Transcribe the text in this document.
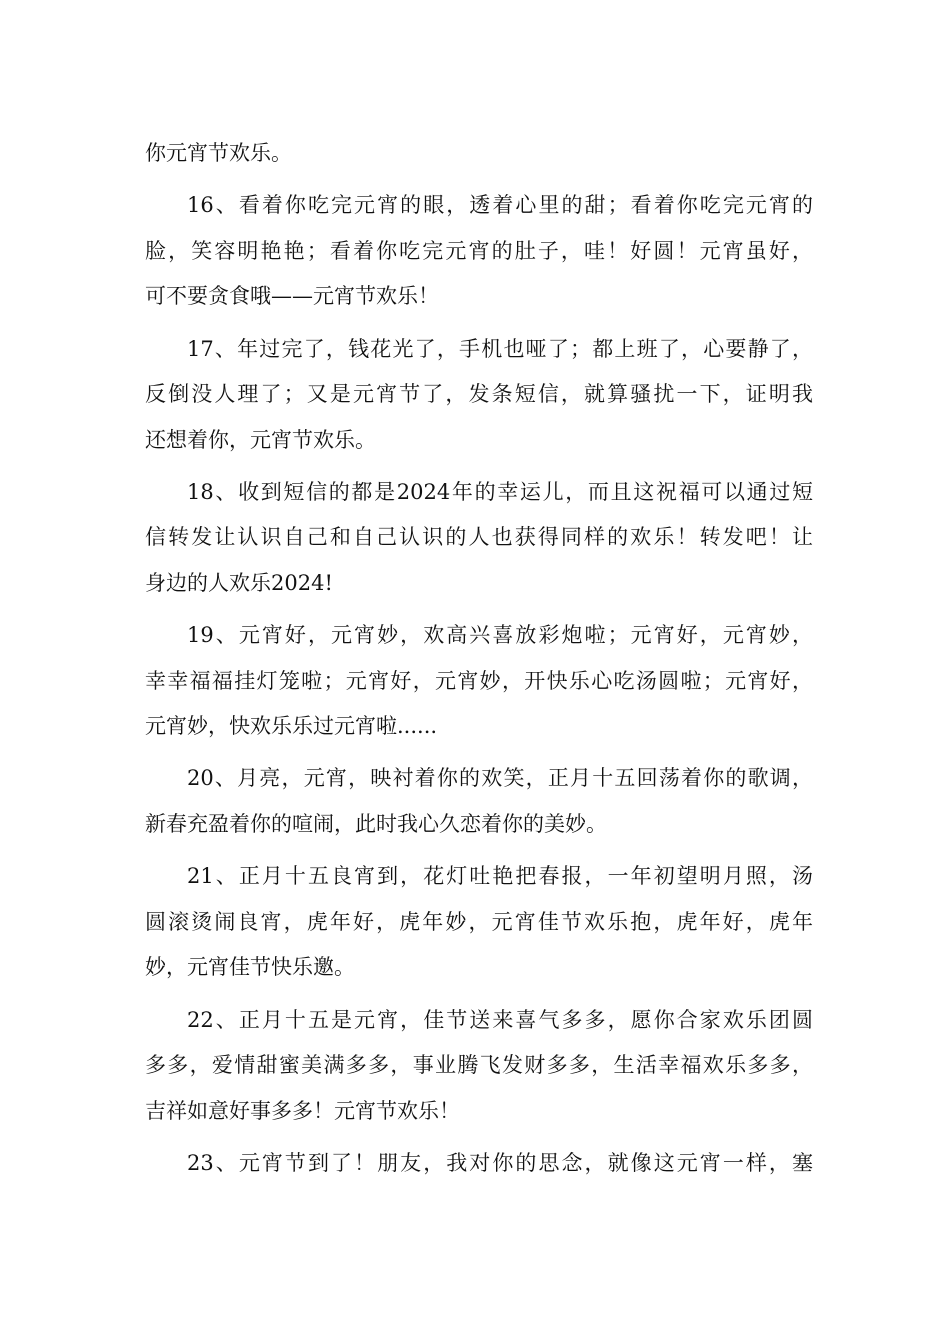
你元宵节欢乐。
16、看着你吃完元宵的眼，透着心里的甜；看着你吃完元宵的
脸，笑容明艳艳；看着你吃完元宵的肚子，哇！好圆！元宵虽好，
可不要贪食哦——元宵节欢乐！
17、年过完了，钱花光了，手机也哑了；都上班了，心要静了，
反倒没人理了；又是元宵节了，发条短信，就算骚扰一下，证明我
还想着你，元宵节欢乐。
18、收到短信的都是2024年的幸运儿，而且这祝福可以通过短
信转发让认识自己和自己认识的人也获得同样的欢乐！转发吧！让
身边的人欢乐2024!
19、元宵好，元宵妙，欢高兴喜放彩炮啦；元宵好，元宵妙，
幸幸福福挂灯笼啦；元宵好，元宵妙，开快乐心吃汤圆啦；元宵好，
元宵妙，快欢乐乐过元宵啦......
20、月亮，元宵，映衬着你的欢笑，正月十五回荡着你的歌调，
新春充盈着你的喧闹，此时我心久恋着你的美妙。
21、正月十五良宵到，花灯吐艳把春报，一年初望明月照，汤
圆滚烫闹良宵，虎年好，虎年妙，元宵佳节欢乐抱，虎年好，虎年
妙，元宵佳节快乐邀。
22、正月十五是元宵，佳节送来喜气多多，愿你合家欢乐团圆
多多，爱情甜蜜美满多多，事业腾飞发财多多，生活幸福欢乐多多，
吉祥如意好事多多！元宵节欢乐！
23、元宵节到了！朋友，我对你的思念，就像这元宵一样，塞
